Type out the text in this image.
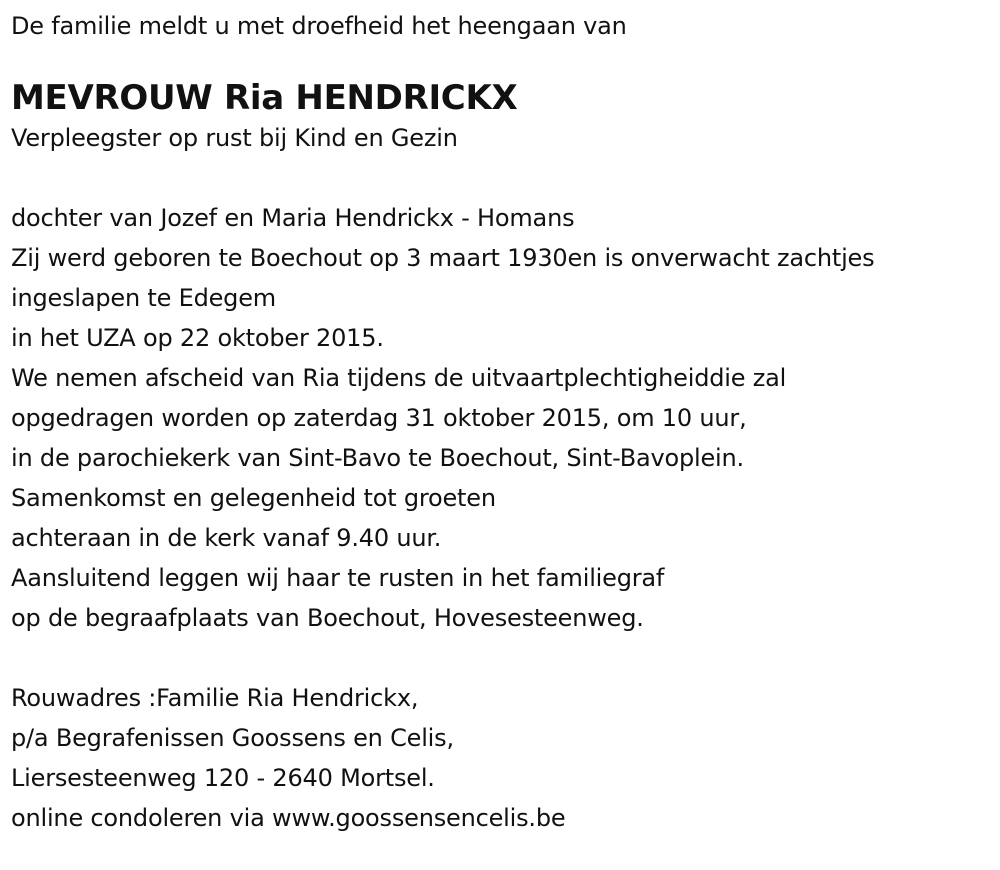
De familie meldt u met droefheid het heengaan van
MEVROUW Ria HENDRICKX
Verpleegster op rust bij Kind en Gezin
dochter van Jozef en Maria Hendrickx - Homans
Zij werd geboren te Boechout op 3 maart 1930en is onverwacht zachtjes
ingeslapen te Edegem
in het UZA op 22 oktober 2015.
We nemen afscheid van Ria tijdens de uitvaartplechtigheiddie zal
opgedragen worden op zaterdag 31 oktober 2015, om 10 uur,
in de parochiekerk van Sint-Bavo te Boechout, Sint-Bavoplein.
Samenkomst en gelegenheid tot groeten
achteraan in de kerk vanaf 9.40 uur.
Aansluitend leggen wij haar te rusten in het familiegraf
op de begraafplaats van Boechout, Hovesesteenweg.
Rouwadres :Familie Ria Hendrickx,
p/a Begrafenissen Goossens en Celis,
Liersesteenweg 120 - 2640 Mortsel.
online condoleren via www.goossensencelis.be
